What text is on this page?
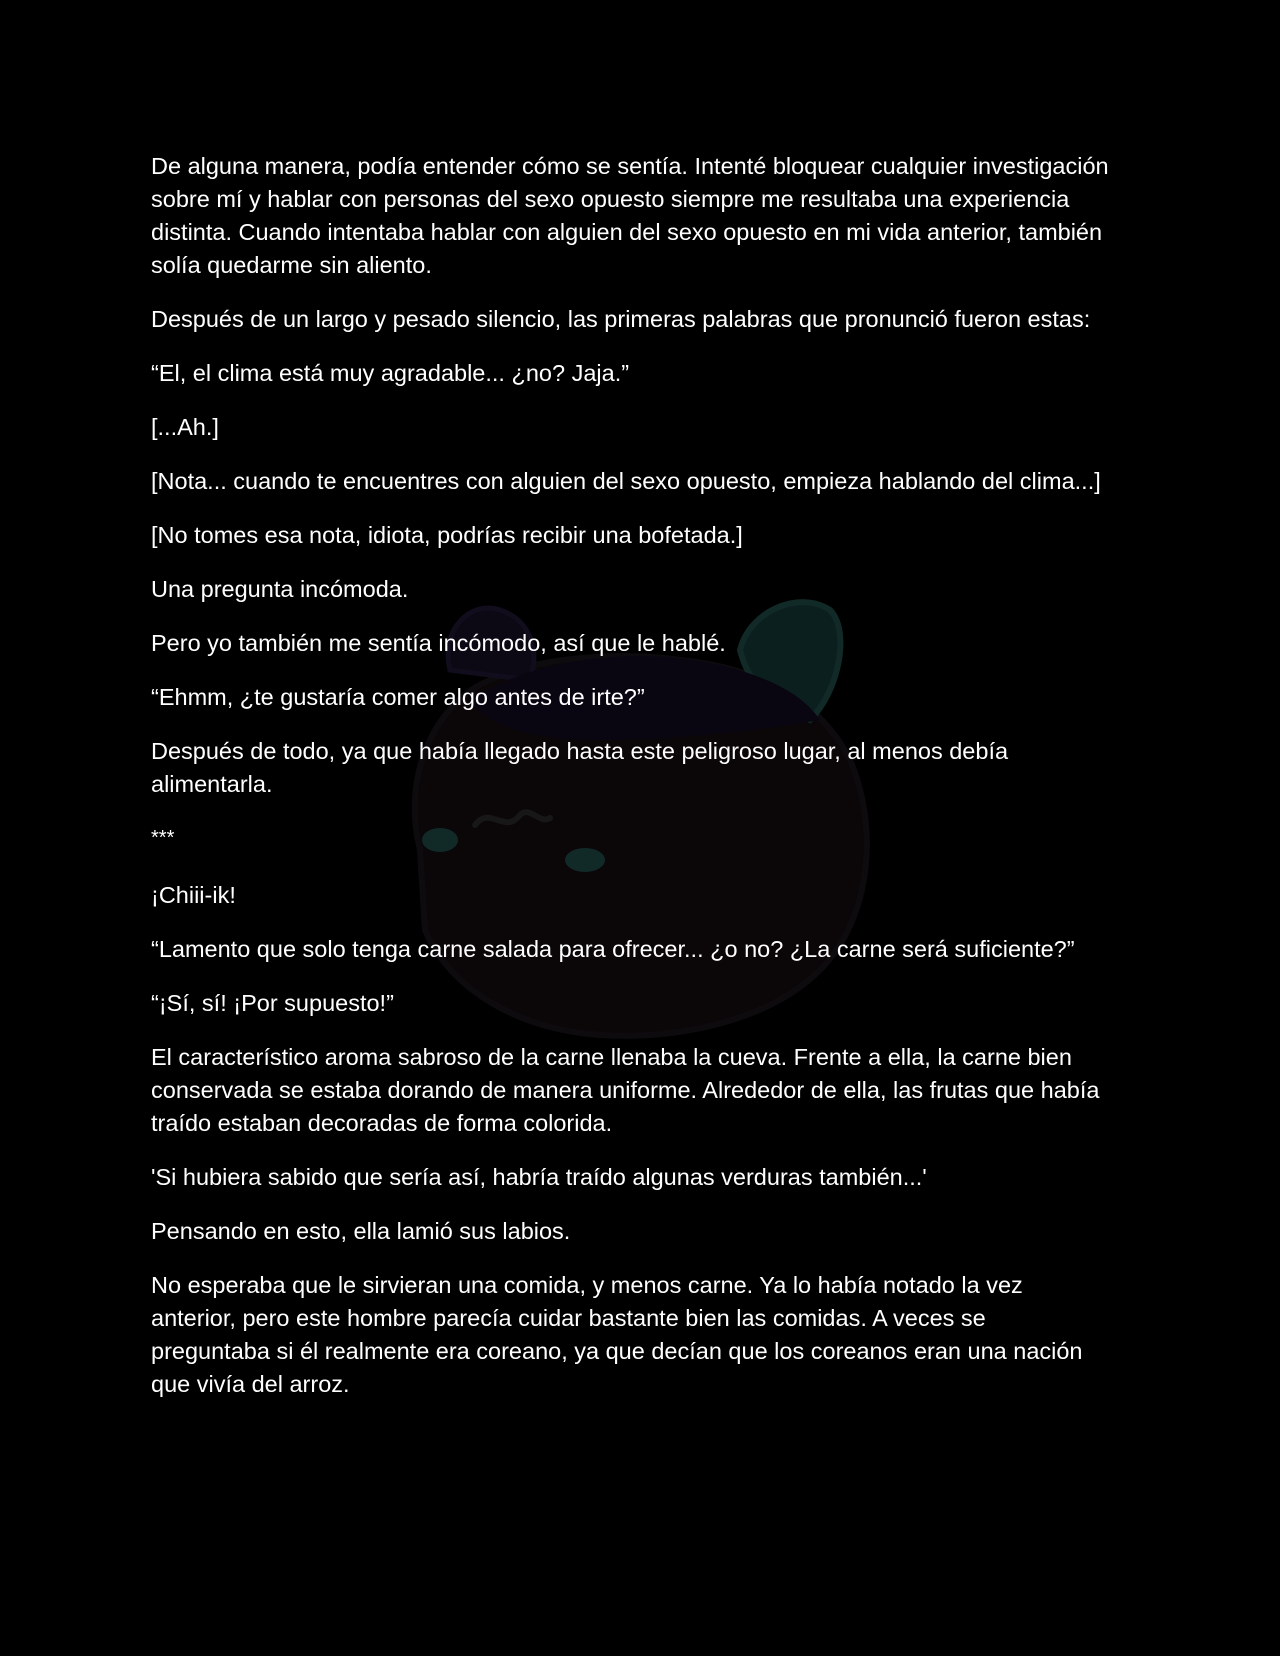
De alguna manera, podía entender cómo se sentía. Intenté bloquear cualquier investigación sobre mí y hablar con personas del sexo opuesto siempre me resultaba una experiencia distinta. Cuando intentaba hablar con alguien del sexo opuesto en mi vida anterior, también solía quedarme sin aliento.

Después de un largo y pesado silencio, las primeras palabras que pronunció fueron estas:

“El, el clima está muy agradable... ¿no? Jaja.”

[...Ah.]

[Nota... cuando te encuentres con alguien del sexo opuesto, empieza hablando del clima...]

[No tomes esa nota, idiota, podrías recibir una bofetada.]

Una pregunta incómoda.

Pero yo también me sentía incómodo, así que le hablé.

“Ehmm, ¿te gustaría comer algo antes de irte?”

Después de todo, ya que había llegado hasta este peligroso lugar, al menos debía alimentarla.

***

¡Chiii-ik!

“Lamento que solo tenga carne salada para ofrecer... ¿o no? ¿La carne será suficiente?”

“¡Sí, sí! ¡Por supuesto!”

El característico aroma sabroso de la carne llenaba la cueva. Frente a ella, la carne bien conservada se estaba dorando de manera uniforme. Alrededor de ella, las frutas que había traído estaban decoradas de forma colorida.

'Si hubiera sabido que sería así, habría traído algunas verduras también...'

Pensando en esto, ella lamió sus labios.

No esperaba que le sirvieran una comida, y menos carne. Ya lo había notado la vez anterior, pero este hombre parecía cuidar bastante bien las comidas. A veces se preguntaba si él realmente era coreano, ya que decían que los coreanos eran una nación que vivía del arroz.
